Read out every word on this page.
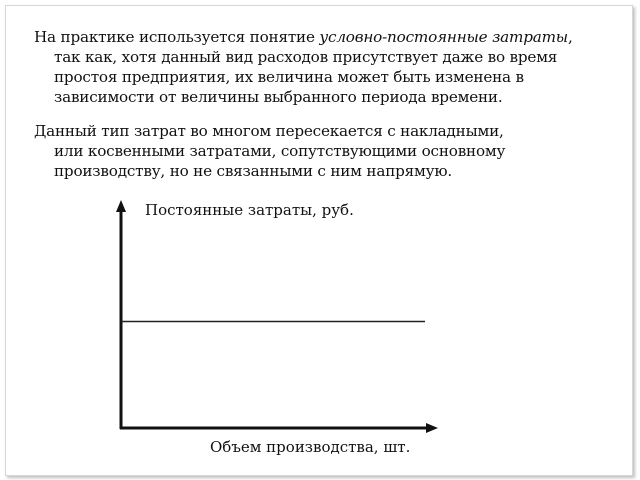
На практике используется понятие условно-постоянные затраты,
так как, хотя данный вид расходов присутствует даже во время
простоя предприятия, их величина может быть изменена в
зависимости от величины выбранного периода времени.

Данный тип затрат во многом пересекается с накладными,
или косвенными затратами, сопутствующими основному
производству, но не связанными с ним напрямую.

Постоянные затраты, руб.
Объем производства, шт.
